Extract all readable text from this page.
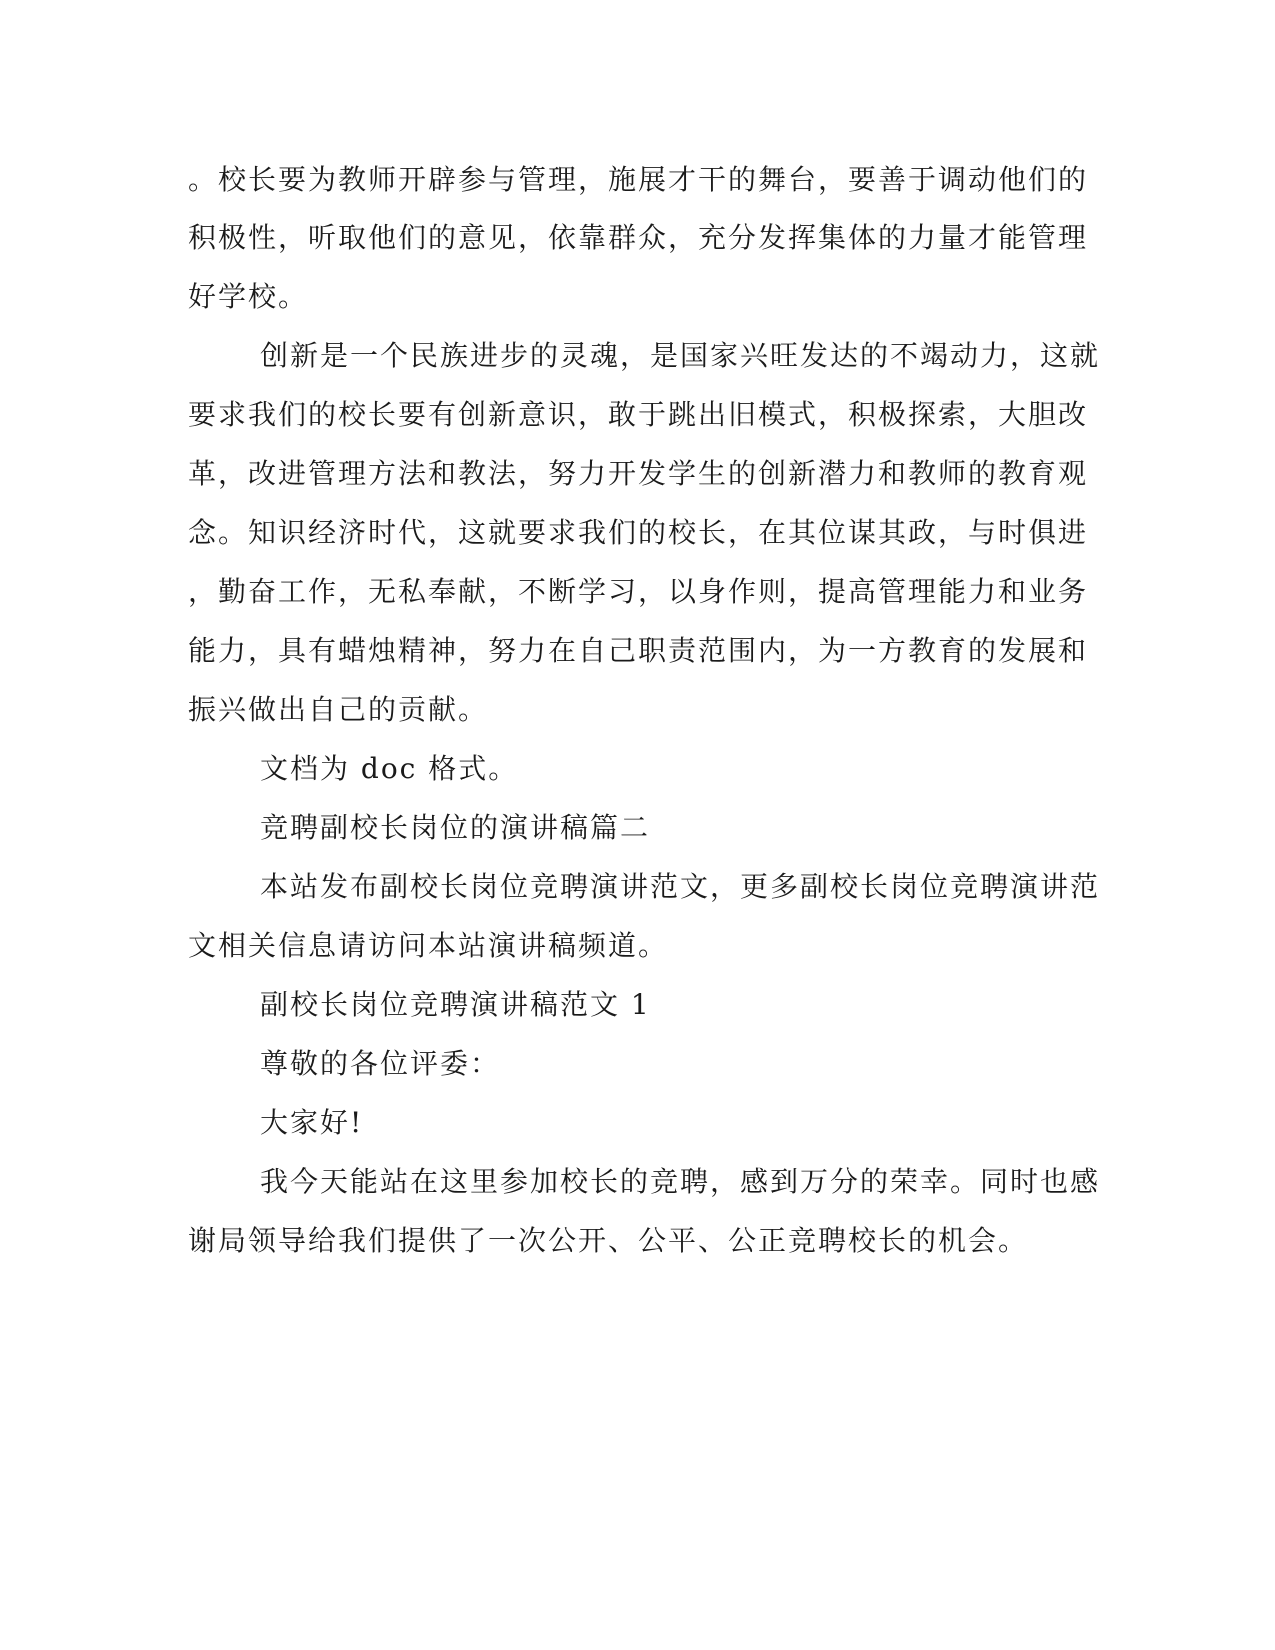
。校长要为教师开辟参与管理，施展才干的舞台，要善于调动他们的
积极性，听取他们的意见，依靠群众，充分发挥集体的力量才能管理
好学校。
创新是一个民族进步的灵魂，是国家兴旺发达的不竭动力，这就
要求我们的校长要有创新意识，敢于跳出旧模式，积极探索，大胆改
革，改进管理方法和教法，努力开发学生的创新潜力和教师的教育观
念。知识经济时代，这就要求我们的校长，在其位谋其政，与时俱进
，勤奋工作，无私奉献，不断学习，以身作则，提高管理能力和业务
能力，具有蜡烛精神，努力在自己职责范围内，为一方教育的发展和
振兴做出自己的贡献。
文档为 doc 格式。
竞聘副校长岗位的演讲稿篇二
本站发布副校长岗位竞聘演讲范文，更多副校长岗位竞聘演讲范
文相关信息请访问本站演讲稿频道。
副校长岗位竞聘演讲稿范文 1
尊敬的各位评委：
大家好!
我今天能站在这里参加校长的竞聘，感到万分的荣幸。同时也感
谢局领导给我们提供了一次公开、公平、公正竞聘校长的机会。
